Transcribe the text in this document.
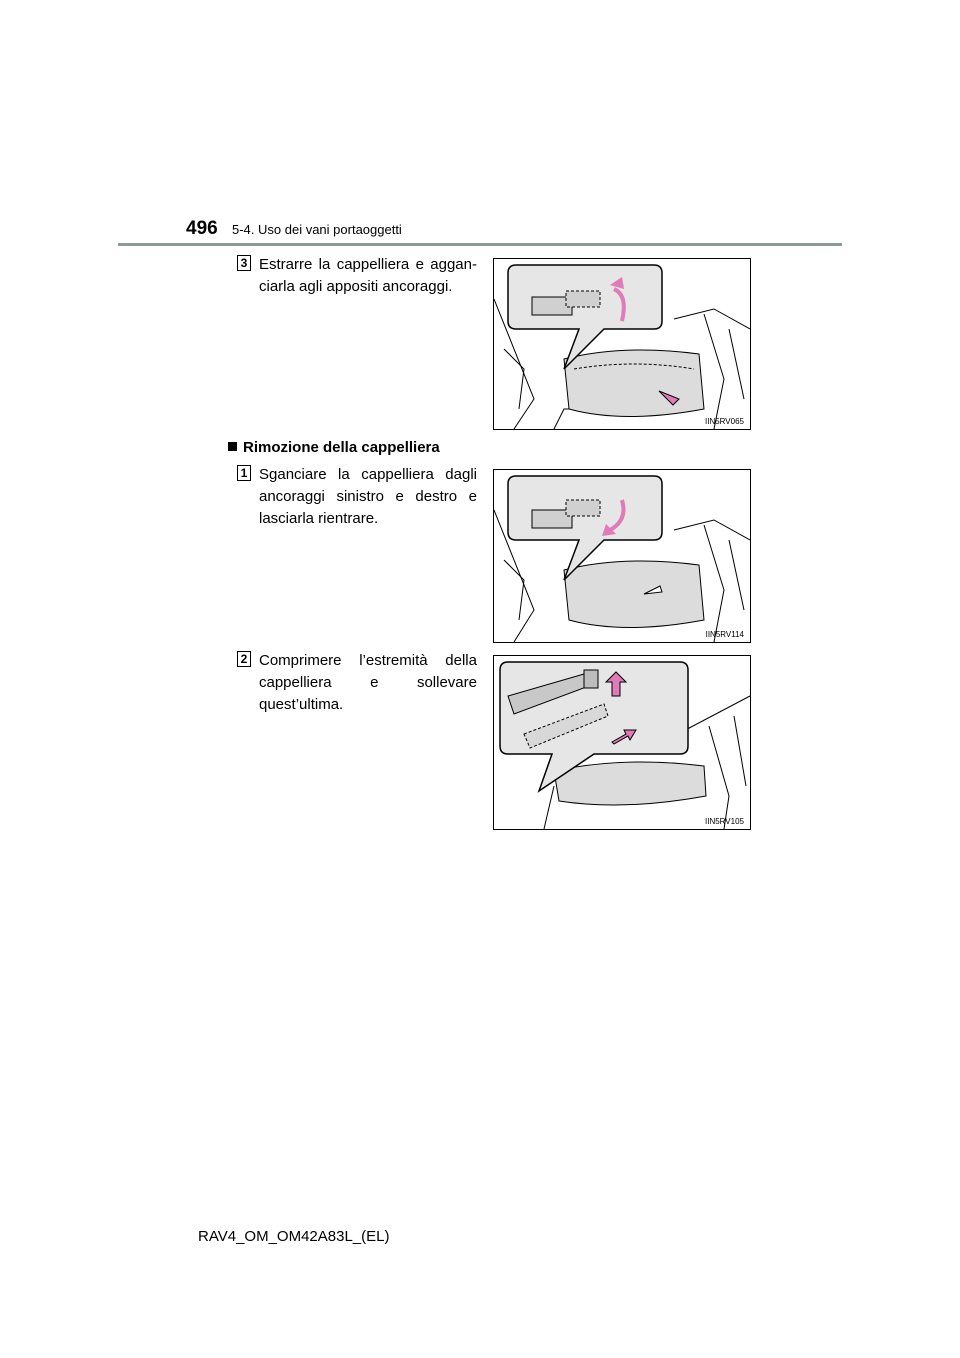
496 5-4. Uso dei vani portaoggetti
3 Estrarre la cappelliera e aggan-ciarla agli appositi ancoraggi.
IIN5RV065
Rimozione della cappelliera
1 Sganciare la cappelliera dagli ancoraggi sinistro e destro e lasciarla rientrare.
IIN5RV114
2 Comprimere l’estremità della cappelliera e sollevare quest’ultima.
IIN5RV105
RAV4_OM_OM42A83L_(EL)
